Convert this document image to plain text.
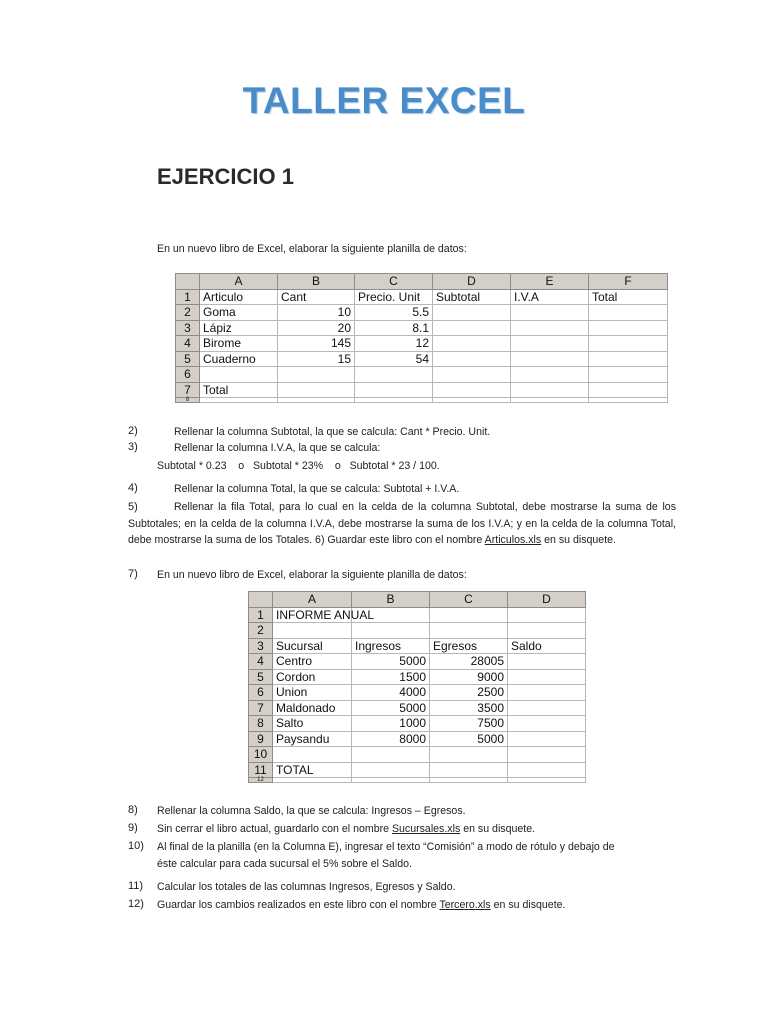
TALLER EXCEL
EJERCICIO 1
En un nuevo libro de Excel, elaborar la siguiente planilla de datos:
	A	B	C	D	E	F
1	Articulo	Cant	Precio. Unit	Subtotal	I.V.A	Total
2	Goma	10	5.5			
3	Lápiz	20	8.1			
4	Birome	145	12			
5	Cuaderno	15	54			
6						
7	Total					
8						
2)	Rellenar la columna Subtotal, la que se calcula: Cant * Precio. Unit.
3)	Rellenar la columna I.V.A, la que se calcula:
Subtotal * 0.23    o   Subtotal * 23%    o   Subtotal * 23 / 100.
4)	Rellenar la columna Total, la que se calcula: Subtotal + I.V.A.
5)	Rellenar la fila Total, para lo cual en la celda de la columna Subtotal, debe mostrarse la suma de los Subtotales; en la celda de la columna I.V.A, debe mostrarse la suma de los I.V.A; y en la celda de la columna Total, debe mostrarse la suma de los Totales. 6) Guardar este libro con el nombre Articulos.xls en su disquete.
7) En un nuevo libro de Excel, elaborar la siguiente planilla de datos:
	A	B	C	D
1	INFORME ANUAL			
2				
3	Sucursal	Ingresos	Egresos	Saldo
4	Centro	5000	28005	
5	Cordon	1500	9000	
6	Union	4000	2500	
7	Maldonado	5000	3500	
8	Salto	1000	7500	
9	Paysandu	8000	5000	
10				
11	TOTAL			
12				
8) Rellenar la columna Saldo, la que se calcula: Ingresos – Egresos.
9) Sin cerrar el libro actual, guardarlo con el nombre Sucursales.xls en su disquete.
10) Al final de la planilla (en la Columna E), ingresar el texto “Comisión” a modo de rótulo y debajo de
éste calcular para cada sucursal el 5% sobre el Saldo.
11) Calcular los totales de las columnas Ingresos, Egresos y Saldo.
12) Guardar los cambios realizados en este libro con el nombre Tercero.xls en su disquete.
